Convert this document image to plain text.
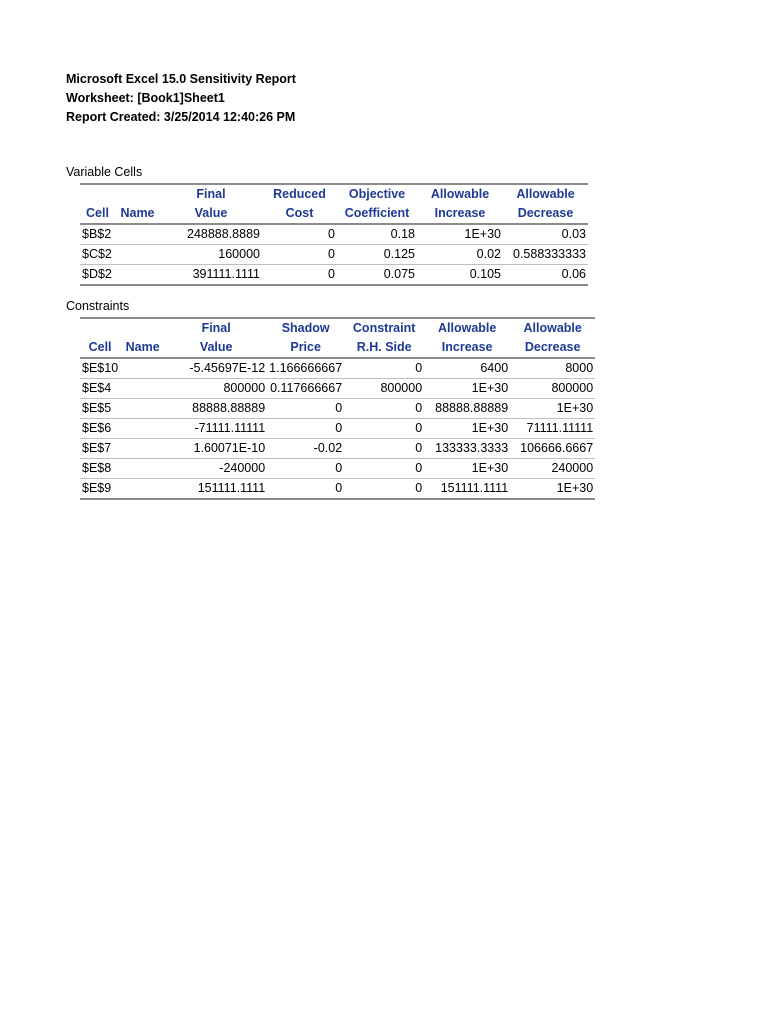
Microsoft Excel 15.0 Sensitivity Report
Worksheet: [Book1]Sheet1
Report Created: 3/25/2014 12:40:26 PM
Variable Cells
		Final	Reduced	Objective	Allowable	Allowable
Cell	Name	Value	Cost	Coefficient	Increase	Decrease
$B$2		248888.8889	0	0.18	1E+30	0.03
$C$2		160000	0	0.125	0.02	0.588333333
$D$2		391111.1111	0	0.075	0.105	0.06
Constraints
		Final	Shadow	Constraint	Allowable	Allowable
Cell	Name	Value	Price	R.H. Side	Increase	Decrease
$E$10		-5.45697E-12	1.166666667	0	6400	8000
$E$4		800000	0.117666667	800000	1E+30	800000
$E$5		88888.88889	0	0	88888.88889	1E+30
$E$6		-71111.11111	0	0	1E+30	71111.11111
$E$7		1.60071E-10	-0.02	0	133333.3333	106666.6667
$E$8		-240000	0	0	1E+30	240000
$E$9		151111.1111	0	0	151111.1111	1E+30
